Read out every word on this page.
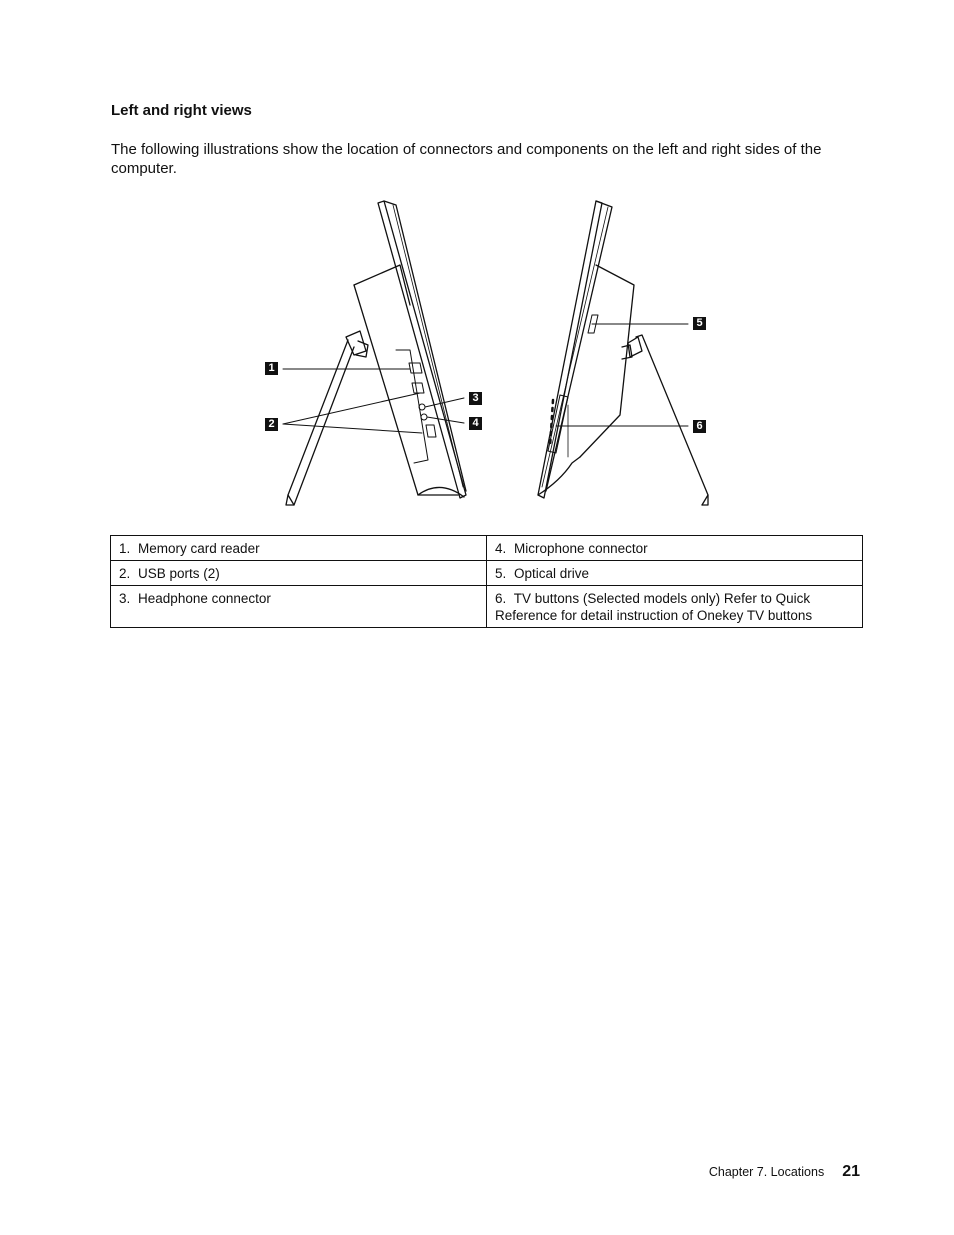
Left and right views

The following illustrations show the location of connectors and components on the left and right sides of the computer.

1
2
3
4
5
6
1. Memory card reader	4. Microphone connector
2. USB ports (2)	5. Optical drive
3. Headphone connector	6. TV buttons (Selected models only) Refer to Quick Reference for detail instruction of Onekey TV buttons
Chapter 7. Locations 21
